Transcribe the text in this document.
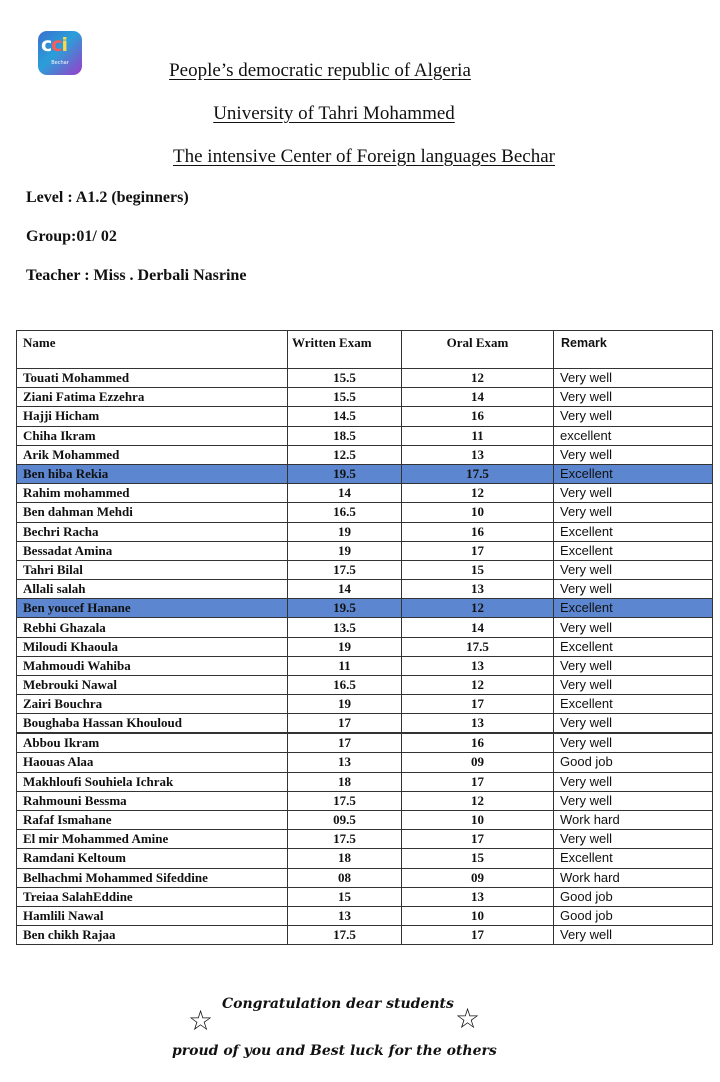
cci
Bechar	People’s democratic republic of Algeria
University of Tahri Mohammed
The intensive Center of Foreign languages Bechar
Level : A1.2 (beginners)
Group:01/ 02
Teacher : Miss . Derbali Nasrine
Name	Written Exam	Oral Exam	Remark
Touati Mohammed	15.5	12	Very well
Ziani Fatima Ezzehra	15.5	14	Very well
Hajji Hicham	14.5	16	Very well
Chiha Ikram	18.5	11	excellent
Arik Mohammed	12.5	13	Very well
Ben hiba Rekia	19.5	17.5	Excellent
Rahim mohammed	14	12	Very well
Ben dahman Mehdi	16.5	10	Very well
Bechri Racha	19	16	Excellent
Bessadat Amina	19	17	Excellent
Tahri Bilal	17.5	15	Very well
Allali salah	14	13	Very well
Ben youcef Hanane	19.5	12	Excellent
Rebhi Ghazala	13.5	14	Very well
Miloudi Khaoula	19	17.5	Excellent
Mahmoudi Wahiba	11	13	Very well
Mebrouki Nawal	16.5	12	Very well
Zairi Bouchra	19	17	Excellent
Boughaba Hassan Khouloud	17	13	Very well
Abbou Ikram	17	16	Very well
Haouas Alaa	13	09	Good job
Makhloufi Souhiela Ichrak	18	17	Very well
Rahmouni Bessma	17.5	12	Very well
Rafaf Ismahane	09.5	10	Work hard
El mir Mohammed Amine	17.5	17	Very well
Ramdani Keltoum	18	15	Excellent
Belhachmi Mohammed Sifeddine	08	09	Work hard
Treiaa SalahEddine	15	13	Good job
Hamlili Nawal	13	10	Good job
Ben chikh Rajaa	17.5	17	Very well
☆	☆
Congratulation dear students
proud of you and Best luck for the others
